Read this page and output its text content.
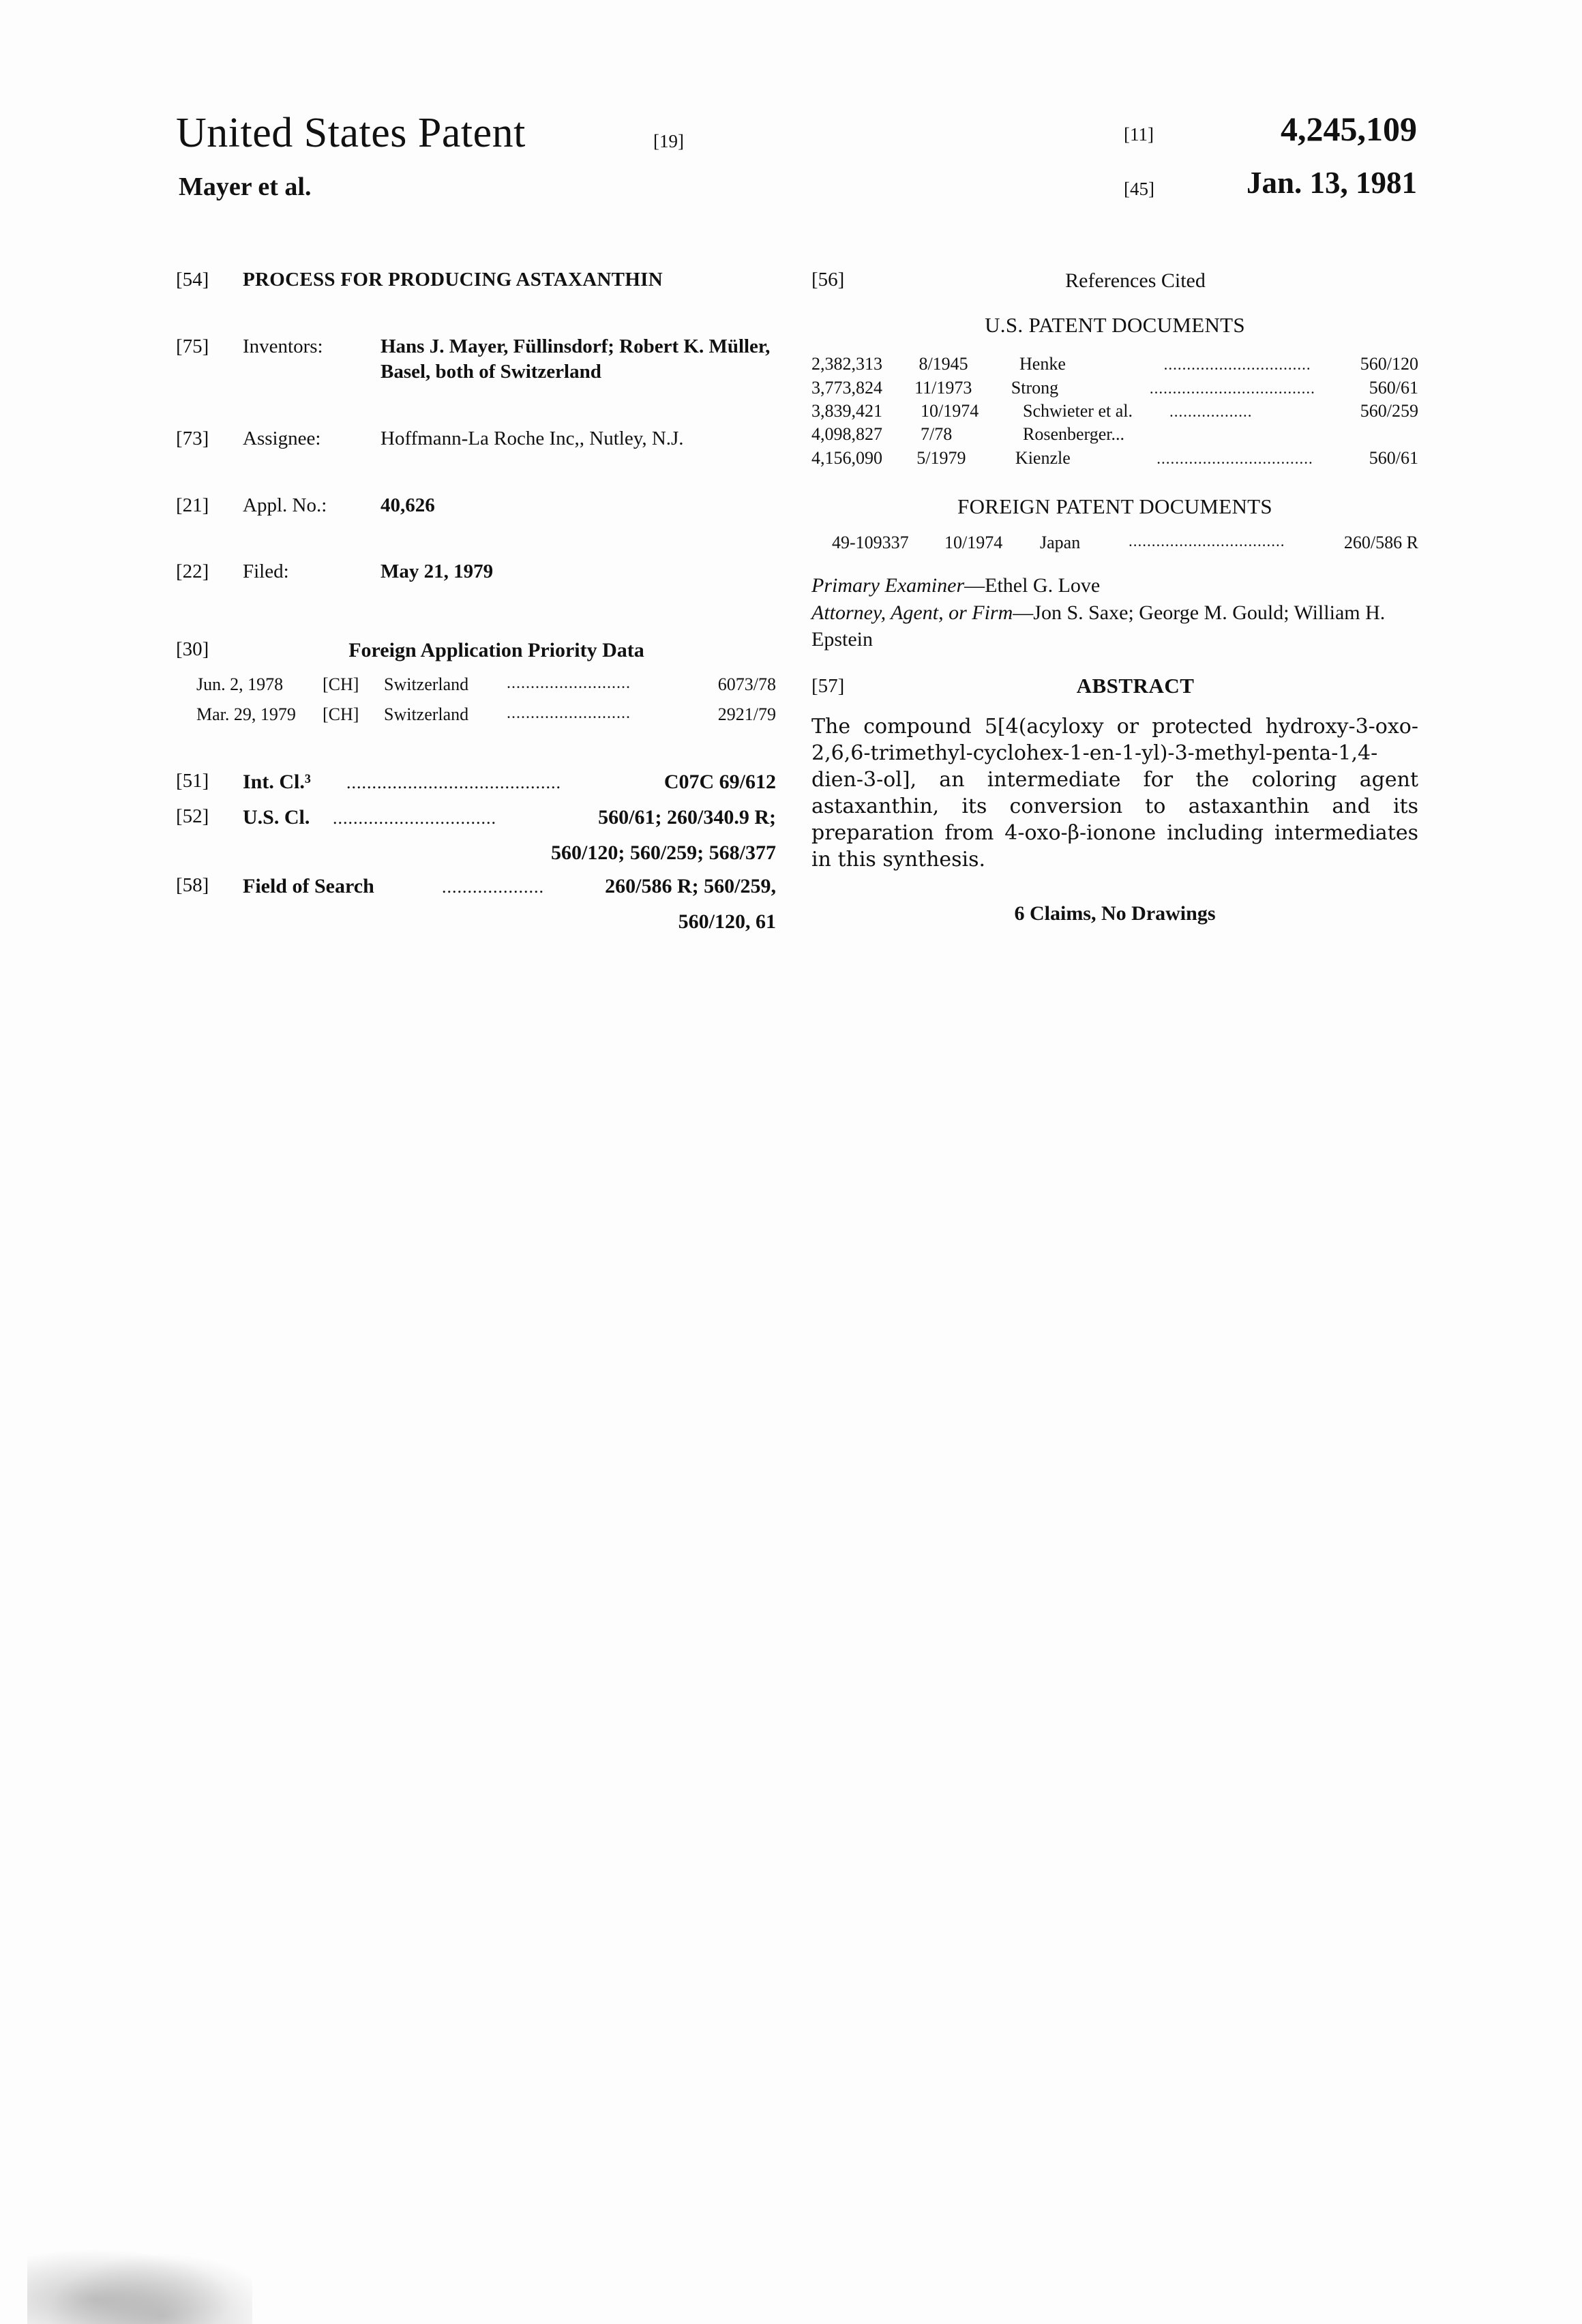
United States Patent	[19]
Mayer et al.
[11]	4,245,109
[45]	Jan. 13, 1981
[54]	PROCESS FOR PRODUCING ASTAXANTHIN
[75]	Inventors:	Hans J. Mayer, Füllinsdorf; Robert K. Müller, Basel, both of Switzerland
[73]	Assignee:	Hoffmann-La Roche Inc,, Nutley, N.J.
[21]	Appl. No.:	40,626
[22]	Filed:	May 21, 1979
[30]	Foreign Application Priority Data
Jun. 2, 1978	[CH]	Switzerland	..........................	6073/78
Mar. 29, 1979	[CH]	Switzerland	..........................	2921/79
[51]	Int. Cl.³ ..........................................	C07C 69/612
[52]	U.S. Cl. ................................	560/61; 260/340.9 R;
560/120; 560/259; 568/377
[58]	Field of Search	....................	260/586 R; 560/259,
560/120, 61
[56]	References Cited
U.S. PATENT DOCUMENTS
2,382,313	8/1945	Henke	................................	560/120
3,773,824	11/1973	Strong	....................................	560/61
3,839,421	10/1974	Schwieter et al.	..................	560/259
4,098,827	7/78	Rosenberger...
4,156,090	5/1979	Kienzle	..................................	560/61
FOREIGN PATENT DOCUMENTS
49-109337	10/1974	Japan	..................................	260/586 R
Primary Examiner—Ethel G. Love
Attorney, Agent, or Firm—Jon S. Saxe; George M. Gould; William H. Epstein
[57]	ABSTRACT
The compound 5[4(acyloxy or protected hydroxy-3-oxo-2,6,6-trimethyl-cyclohex-1-en-1-yl)-3-methyl-penta-1,4-dien-3-ol], an intermediate for the coloring agent astaxanthin, its conversion to astaxanthin and its preparation from 4-oxo-β-ionone including intermediates in this synthesis.
6 Claims, No Drawings
